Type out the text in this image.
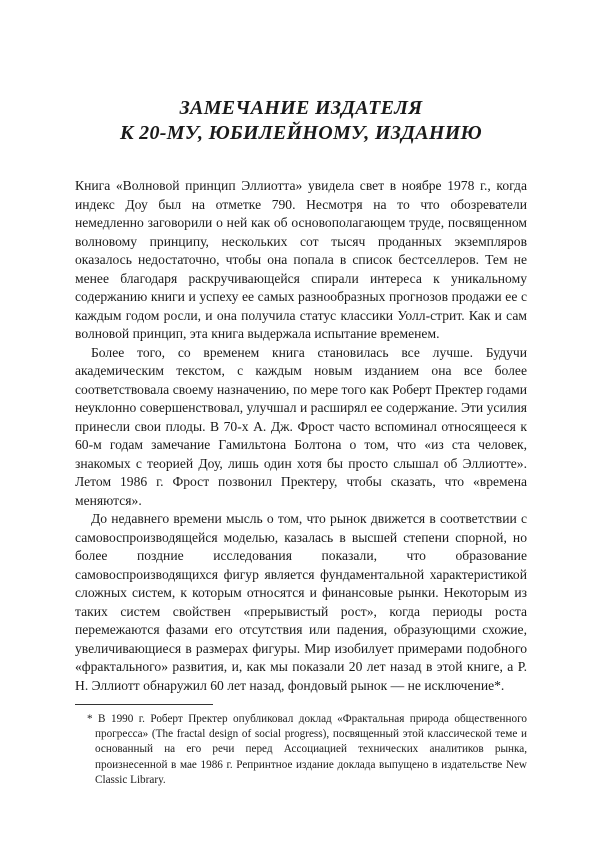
ЗАМЕЧАНИЕ ИЗДАТЕЛЯ
К 20-МУ, ЮБИЛЕЙНОМУ, ИЗДАНИЮ

Книга «Волновой принцип Эллиотта» увидела свет в ноябре 1978 г., когда индекс Доу был на отметке 790. Несмотря на то что обозреватели немедленно заговорили о ней как об основополагающем труде, посвященном волновому принципу, нескольких сот тысяч проданных экземпляров оказалось недостаточно, чтобы она попала в список бестселлеров. Тем не менее благодаря раскручивающейся спирали интереса к уникальному содержанию книги и успеху ее самых разнообразных прогнозов продажи ее с каждым годом росли, и она получила статус классики Уолл-стрит. Как и сам волновой принцип, эта книга выдержала испытание временем.

Более того, со временем книга становилась все лучше. Будучи академическим текстом, с каждым новым изданием она все более соответствовала своему назначению, по мере того как Роберт Пректер годами неуклонно совершенствовал, улучшал и расширял ее содержание. Эти усилия принесли свои плоды. В 70-х А. Дж. Фрост часто вспоминал относящееся к 60-м годам замечание Гамильтона Болтона о том, что «из ста человек, знакомых с теорией Доу, лишь один хотя бы просто слышал об Эллиотте». Летом 1986 г. Фрост позвонил Пректеру, чтобы сказать, что «времена меняются».

До недавнего времени мысль о том, что рынок движется в соответствии с самовоспроизводящейся моделью, казалась в высшей степени спорной, но более поздние исследования показали, что образование самовоспроизводящихся фигур является фундаментальной характеристикой сложных систем, к которым относятся и финансовые рынки. Некоторым из таких систем свойствен «прерывистый рост», когда периоды роста перемежаются фазами его отсутствия или падения, образующими схожие, увеличивающиеся в размерах фигуры. Мир изобилует примерами подобного «фрактального» развития, и, как мы показали 20 лет назад в этой книге, а Р. Н. Эллиотт обнаружил 60 лет назад, фондовый рынок — не исключение*.

* В 1990 г. Роберт Пректер опубликовал доклад «Фрактальная природа общественного прогресса» (The fractal design of social progress), посвященный этой классической теме и основанный на его речи перед Ассоциацией технических аналитиков рынка, произнесенной в мае 1986 г. Репринтное издание доклада выпущено в издательстве New Classic Library.
